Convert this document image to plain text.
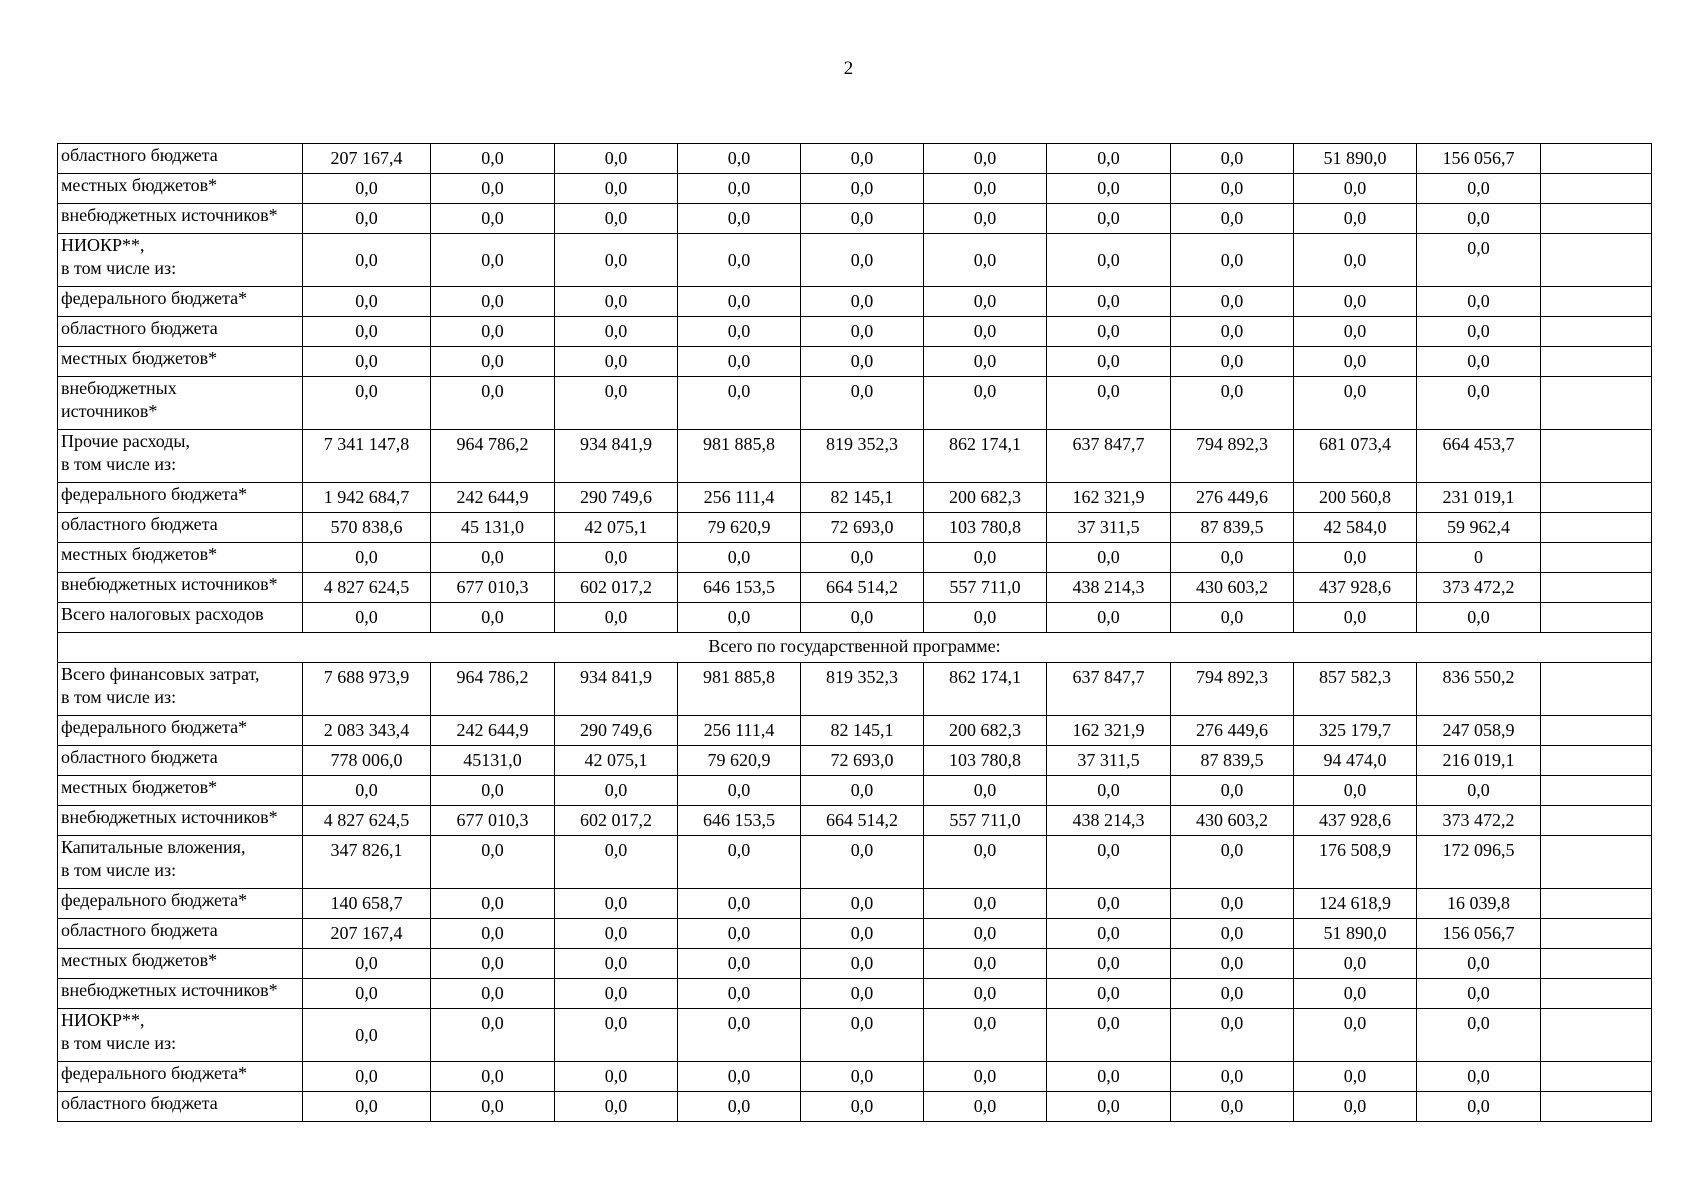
2
областного бюджета	207 167,4	0,0	0,0	0,0	0,0	0,0	0,0	0,0	51 890,0	156 056,7	
местных бюджетов*	0,0	0,0	0,0	0,0	0,0	0,0	0,0	0,0	0,0	0,0	
внебюджетных источников*	0,0	0,0	0,0	0,0	0,0	0,0	0,0	0,0	0,0	0,0	
НИОКР**,
в том числе из:	0,0	0,0	0,0	0,0	0,0	0,0	0,0	0,0	0,0	0,0	
федерального бюджета*	0,0	0,0	0,0	0,0	0,0	0,0	0,0	0,0	0,0	0,0	
областного бюджета	0,0	0,0	0,0	0,0	0,0	0,0	0,0	0,0	0,0	0,0	
местных бюджетов*	0,0	0,0	0,0	0,0	0,0	0,0	0,0	0,0	0,0	0,0	
внебюджетных
источников*	0,0	0,0	0,0	0,0	0,0	0,0	0,0	0,0	0,0	0,0	
Прочие расходы,
в том числе из:	7 341 147,8	964 786,2	934 841,9	981 885,8	819 352,3	862 174,1	637 847,7	794 892,3	681 073,4	664 453,7	
федерального бюджета*	1 942 684,7	242 644,9	290 749,6	256 111,4	82 145,1	200 682,3	162 321,9	276 449,6	200 560,8	231 019,1	
областного бюджета	570 838,6	45 131,0	42 075,1	79 620,9	72 693,0	103 780,8	37 311,5	87 839,5	42 584,0	59 962,4	
местных бюджетов*	0,0	0,0	0,0	0,0	0,0	0,0	0,0	0,0	0,0	0	
внебюджетных источников*	4 827 624,5	677 010,3	602 017,2	646 153,5	664 514,2	557 711,0	438 214,3	430 603,2	437 928,6	373 472,2	
Всего налоговых расходов	0,0	0,0	0,0	0,0	0,0	0,0	0,0	0,0	0,0	0,0	
Всего по государственной программе:											
Всего финансовых затрат,
в том числе из:	7 688 973,9	964 786,2	934 841,9	981 885,8	819 352,3	862 174,1	637 847,7	794 892,3	857 582,3	836 550,2	
федерального бюджета*	2 083 343,4	242 644,9	290 749,6	256 111,4	82 145,1	200 682,3	162 321,9	276 449,6	325 179,7	247 058,9	
областного бюджета	778 006,0	45131,0	42 075,1	79 620,9	72 693,0	103 780,8	37 311,5	87 839,5	94 474,0	216 019,1	
местных бюджетов*	0,0	0,0	0,0	0,0	0,0	0,0	0,0	0,0	0,0	0,0	
внебюджетных источников*	4 827 624,5	677 010,3	602 017,2	646 153,5	664 514,2	557 711,0	438 214,3	430 603,2	437 928,6	373 472,2	
Капитальные вложения,
в том числе из:	347 826,1	0,0	0,0	0,0	0,0	0,0	0,0	0,0	176 508,9	172 096,5	
федерального бюджета*	140 658,7	0,0	0,0	0,0	0,0	0,0	0,0	0,0	124 618,9	16 039,8	
областного бюджета	207 167,4	0,0	0,0	0,0	0,0	0,0	0,0	0,0	51 890,0	156 056,7	
местных бюджетов*	0,0	0,0	0,0	0,0	0,0	0,0	0,0	0,0	0,0	0,0	
внебюджетных источников*	0,0	0,0	0,0	0,0	0,0	0,0	0,0	0,0	0,0	0,0	
НИОКР**,
в том числе из:	0,0	0,0	0,0	0,0	0,0	0,0	0,0	0,0	0,0	0,0	
федерального бюджета*	0,0	0,0	0,0	0,0	0,0	0,0	0,0	0,0	0,0	0,0	
областного бюджета	0,0	0,0	0,0	0,0	0,0	0,0	0,0	0,0	0,0	0,0	
